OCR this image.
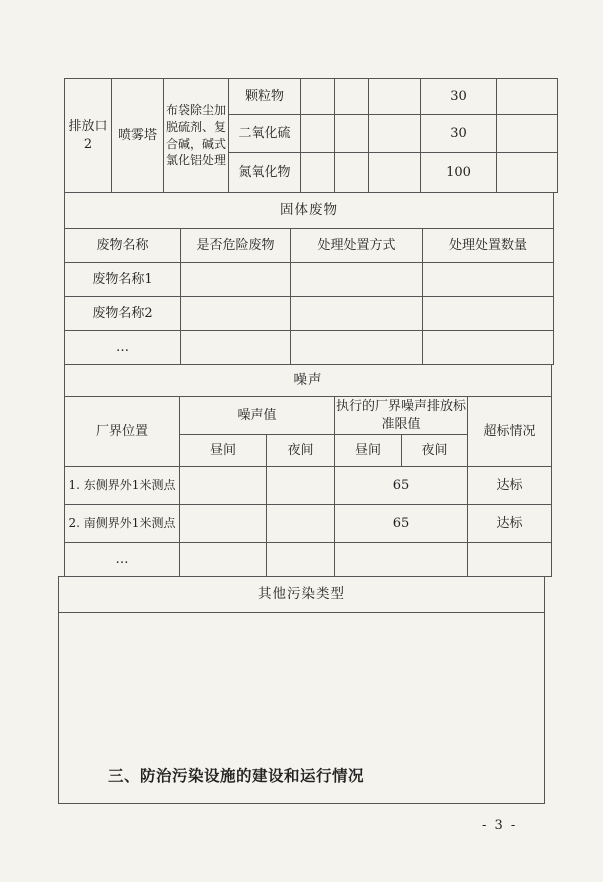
排放口2	喷雾塔	布袋除尘加脱硫剂、复合碱，碱式氯化铝处理	颗粒物				30	
			二氧化硫				30	
			氮氧化物				100	
固体废物			
废物名称	是否危险废物	处理处置方式	处理处置数量
废物名称1			
废物名称2			
…			
噪声					
厂界位置	噪声值		执行的厂界噪声排放标准限值		超标情况
	昼间	夜间	昼间	夜间	
1. 东侧界外1米测点			65		达标
2. 南侧界外1米测点			65		达标
…					
其他污染类型

三、防治污染设施的建设和运行情况
- 3 -
